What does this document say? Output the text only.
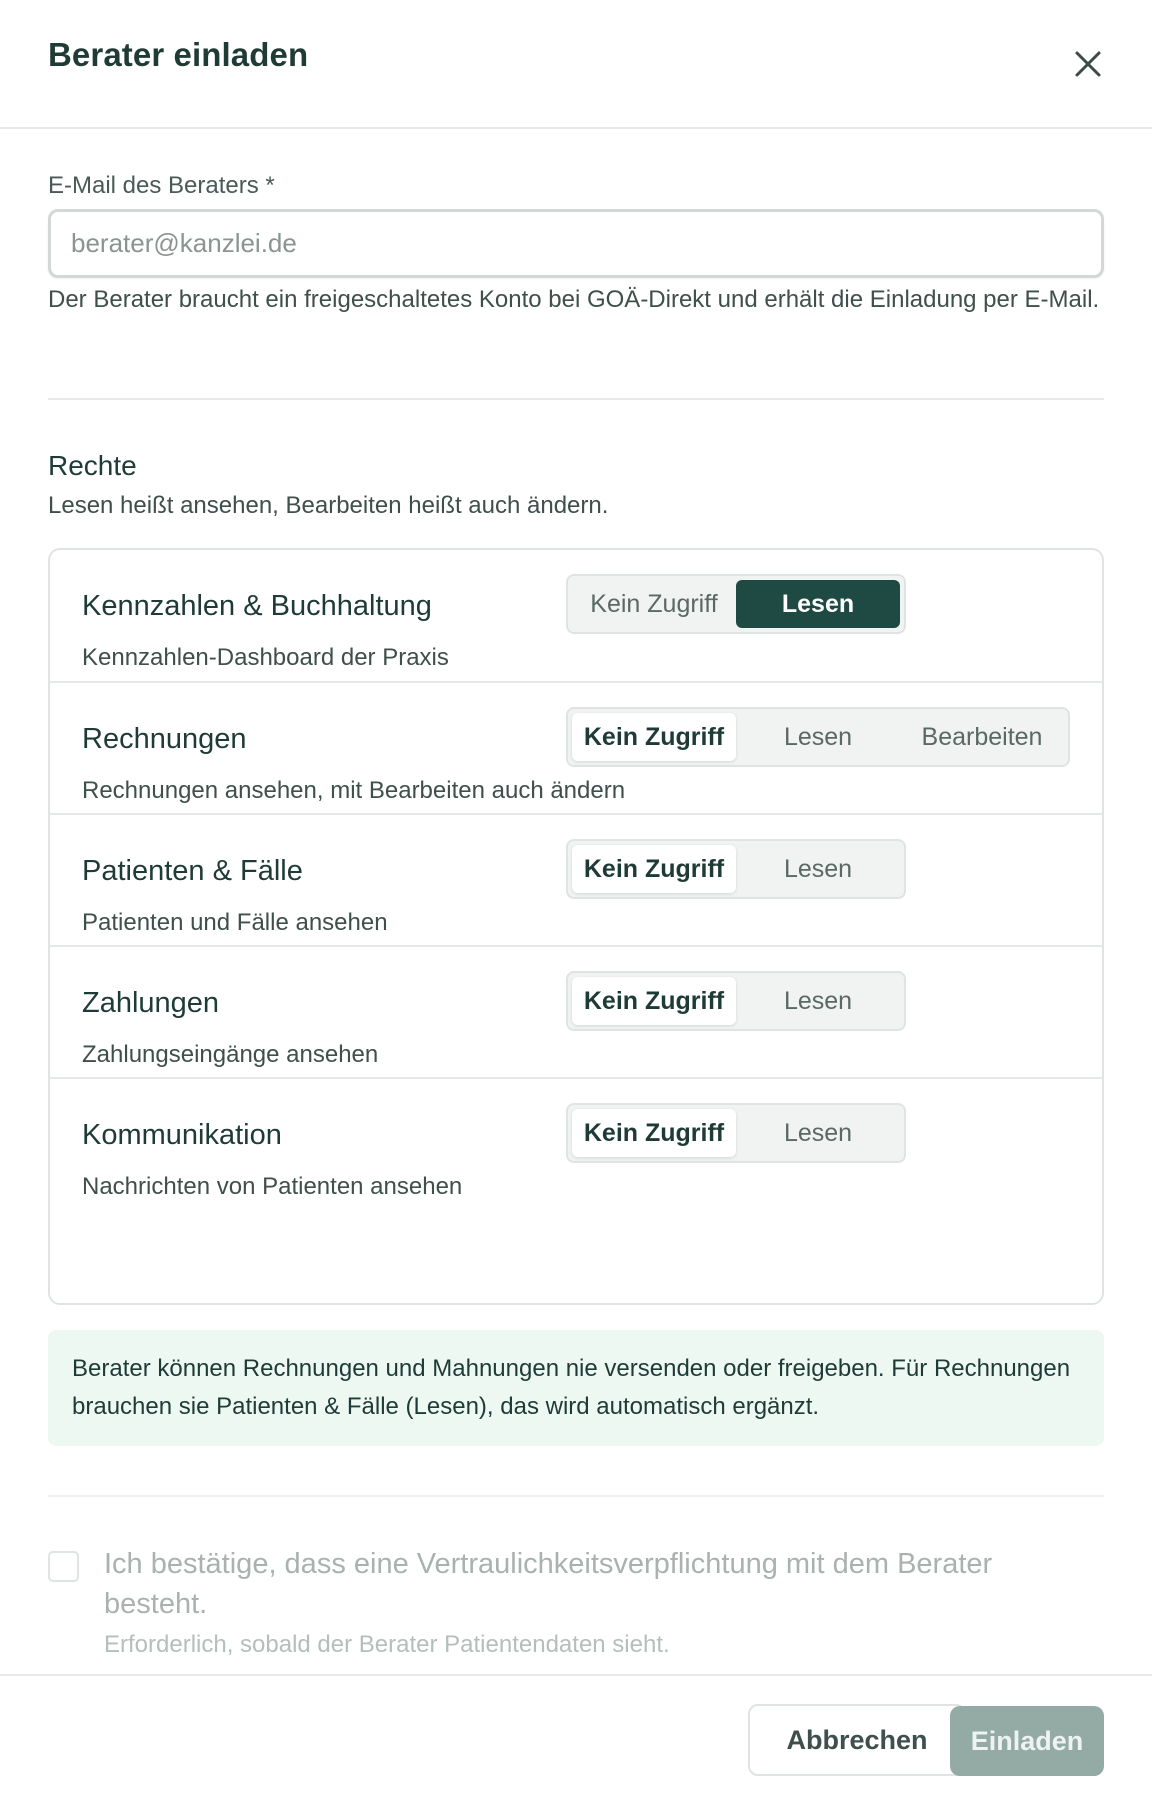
Berater einladen
E-Mail des Beraters *
berater@kanzlei.de
Der Berater braucht ein freigeschaltetes Konto bei GOÄ-Direkt und erhält die Einladung per E-Mail.
Rechte
Lesen heißt ansehen, Bearbeiten heißt auch ändern.
Kennzahlen & Buchhaltung
Kennzahlen-Dashboard der Praxis
Kein Zugriff	Lesen
Rechnungen
Rechnungen ansehen, mit Bearbeiten auch ändern
Kein Zugriff	Lesen	Bearbeiten
Patienten & Fälle
Patienten und Fälle ansehen
Kein Zugriff	Lesen
Zahlungen
Zahlungseingänge ansehen
Kein Zugriff	Lesen
Kommunikation
Nachrichten von Patienten ansehen
Kein Zugriff	Lesen
Berater können Rechnungen und Mahnungen nie versenden oder freigeben. Für Rechnungen brauchen sie Patienten & Fälle (Lesen), das wird automatisch ergänzt.
Ich bestätige, dass eine Vertraulichkeitsverpflichtung mit dem Berater besteht.
Erforderlich, sobald der Berater Patientendaten sieht.
Abbrechen	Einladen
